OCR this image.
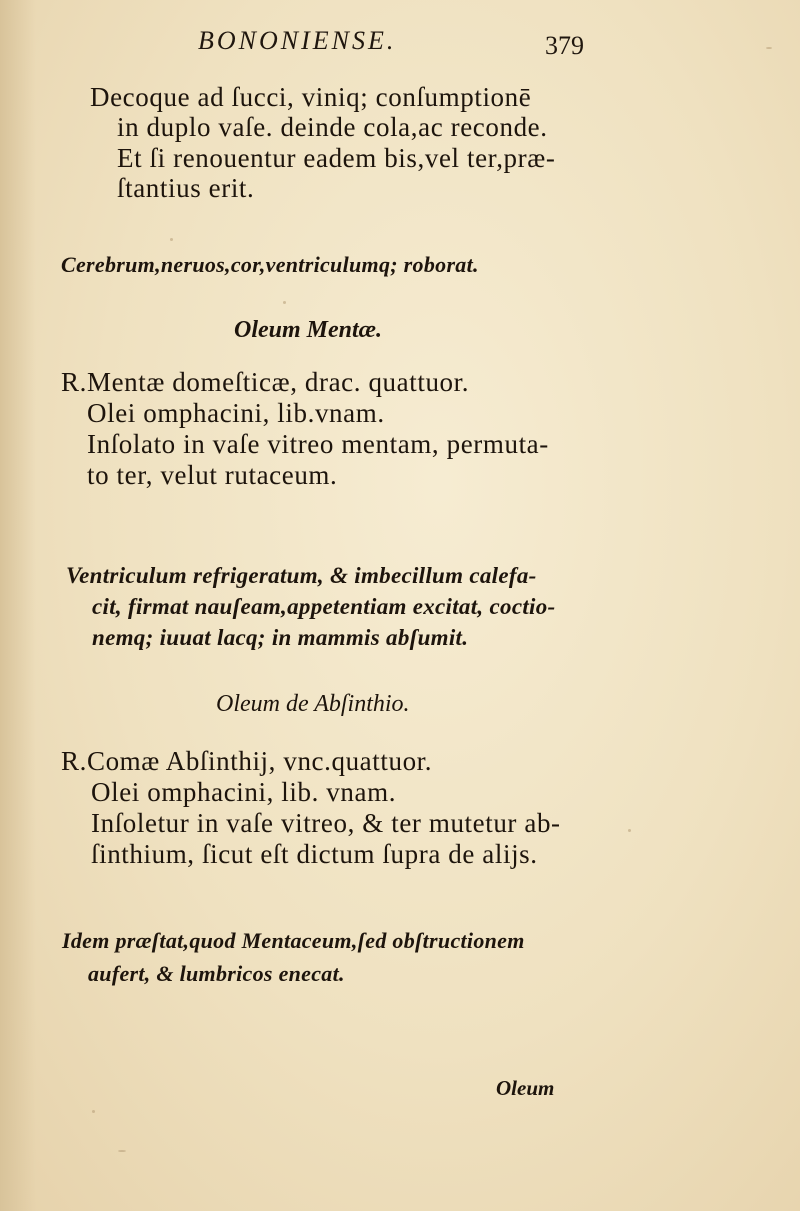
BONONIENSE.	379
Decoque ad ſucci, viniq; conſumptionē
in duplo vaſe. deinde cola,ac reconde.
Et ſi renouentur eadem bis,vel ter,præ-
ſtantius erit.
Cerebrum,neruos,cor,ventriculumq; roborat.
Oleum Mentæ.
R.Mentæ domeſticæ, drac. quattuor.
Olei omphacini, lib.vnam.
Inſolato in vaſe vitreo mentam, permuta-
to ter, velut rutaceum.
Ventriculum refrigeratum, & imbecillum calefa-
cit, firmat nauſeam,appetentiam excitat, coctio-
nemq; iuuat lacq; in mammis abſumit.
Oleum de Abſinthio.
R.Comæ Abſinthij, vnc.quattuor.
Olei omphacini, lib. vnam.
Inſoletur in vaſe vitreo, & ter mutetur ab-
ſinthium, ſicut eſt dictum ſupra de alijs.
Idem præſtat,quod Mentaceum,ſed obſtructionem
aufert, & lumbricos enecat.
Oleum
